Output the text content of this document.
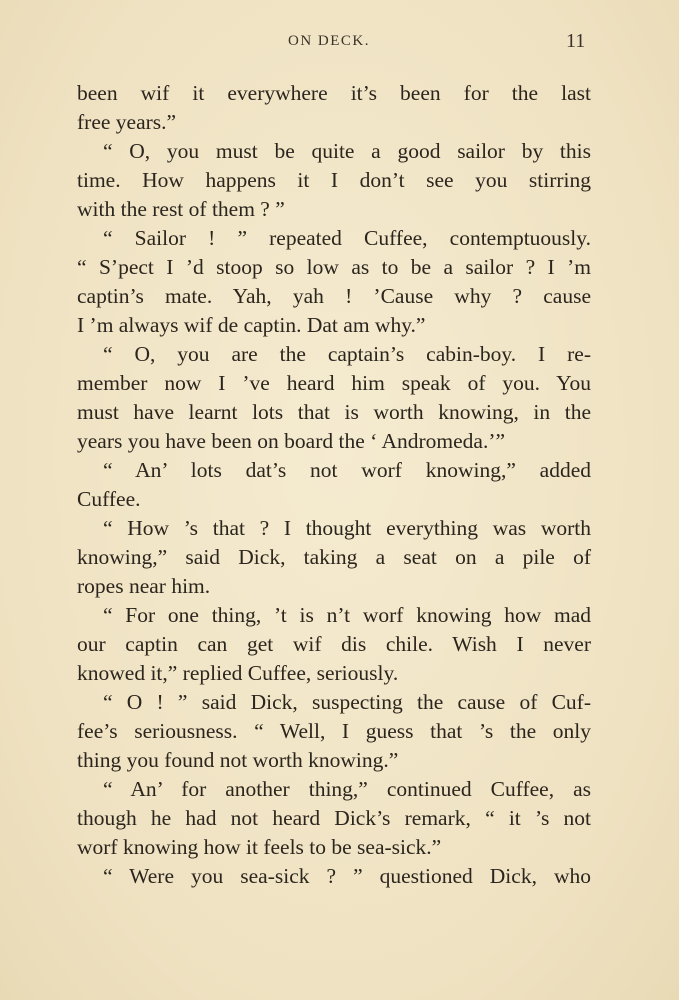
ON DECK.	11
been wif it everywhere it’s been for the last
free years.”
“ O, you must be quite a good sailor by this
time. How happens it I don’t see you stirring
with the rest of them ? ”
“ Sailor ! ” repeated Cuffee, contemptuously.
“ S’pect I ’d stoop so low as to be a sailor ? I ’m
captin’s mate. Yah, yah ! ’Cause why ? cause
I ’m always wif de captin. Dat am why.”
“ O, you are the captain’s cabin-boy. I re-
member now I ’ve heard him speak of you. You
must have learnt lots that is worth knowing, in the
years you have been on board the ‘ Andromeda.’”
“ An’ lots dat’s not worf knowing,” added
Cuffee.
“ How ’s that ? I thought everything was worth
knowing,” said Dick, taking a seat on a pile of
ropes near him.
“ For one thing, ’t is n’t worf knowing how mad
our captin can get wif dis chile. Wish I never
knowed it,” replied Cuffee, seriously.
“ O ! ” said Dick, suspecting the cause of Cuf-
fee’s seriousness. “ Well, I guess that ’s the only
thing you found not worth knowing.”
“ An’ for another thing,” continued Cuffee, as
though he had not heard Dick’s remark, “ it ’s not
worf knowing how it feels to be sea-sick.”
“ Were you sea-sick ? ” questioned Dick, who
